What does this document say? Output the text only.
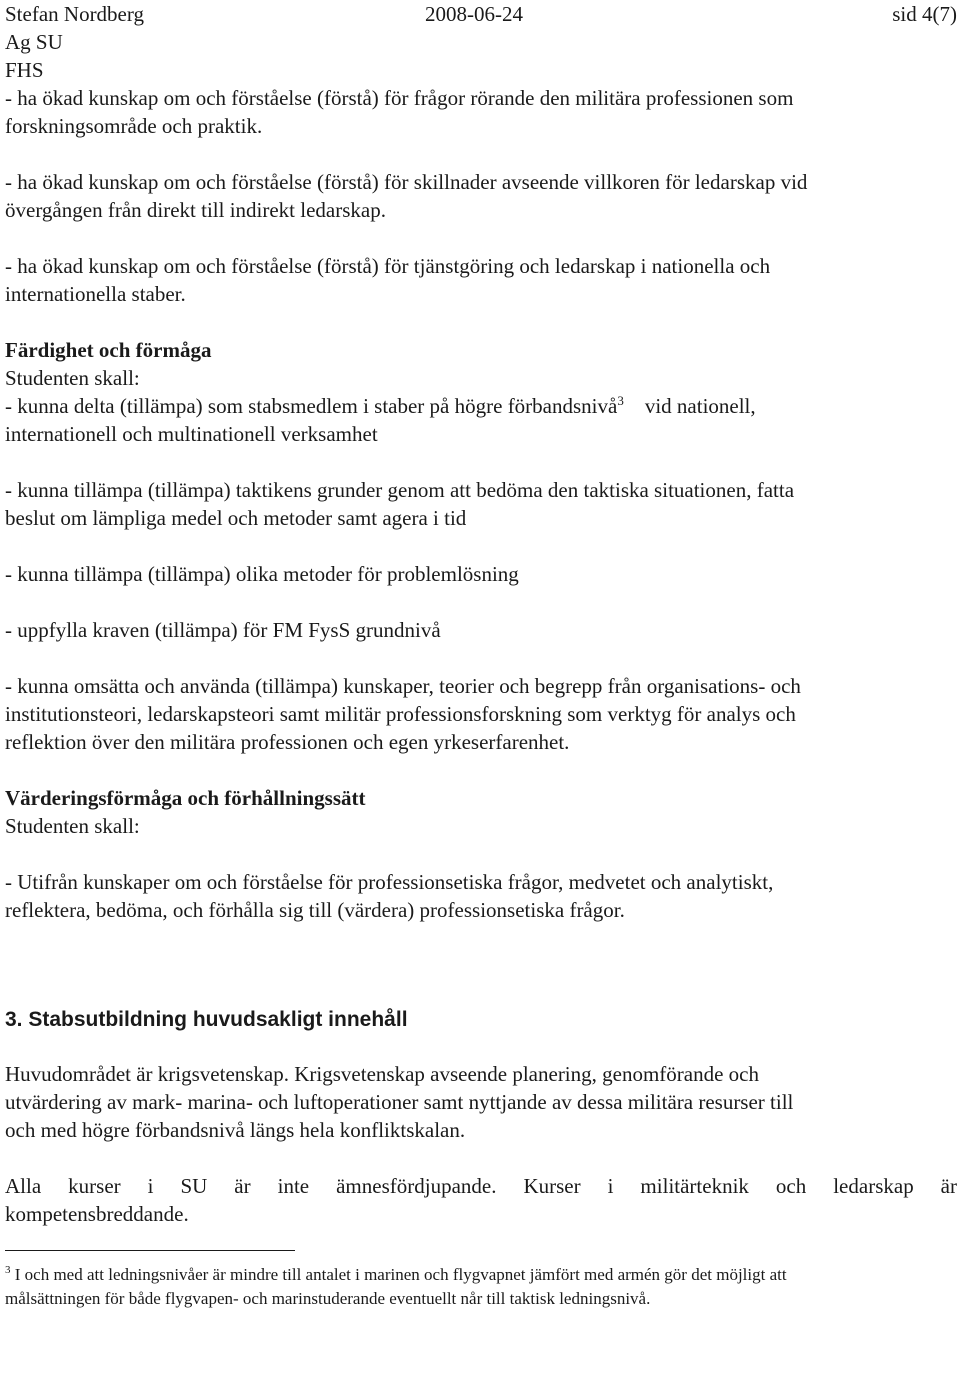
Stefan Nordberg	2008-06-24	sid 4(7)
Ag SU
FHS
- ha ökad kunskap om och förståelse (förstå) för frågor rörande den militära professionen som
forskningsområde och praktik.
- ha ökad kunskap om och förståelse (förstå) för skillnader avseende villkoren för ledarskap vid
övergången från direkt till indirekt ledarskap.
- ha ökad kunskap om och förståelse (förstå) för tjänstgöring och ledarskap i nationella och
internationella staber.
Färdighet och förmåga
Studenten skall:
- kunna delta (tillämpa) som stabsmedlem i staber på högre förbandsnivå$^3$ vid nationell,
internationell och multinationell verksamhet
- kunna tillämpa (tillämpa) taktikens grunder genom att bedöma den taktiska situationen, fatta
beslut om lämpliga medel och metoder samt agera i tid
- kunna tillämpa (tillämpa) olika metoder för problemlösning
- uppfylla kraven (tillämpa) för FM FysS grundnivå
- kunna omsätta och använda (tillämpa) kunskaper, teorier och begrepp från organisations- och
institutionsteori, ledarskapsteori samt militär professionsforskning som verktyg för analys och
reflektion över den militära professionen och egen yrkeserfarenhet.
Värderingsförmåga och förhållningssätt
Studenten skall:
- Utifrån kunskaper om och förståelse för professionsetiska frågor, medvetet och analytiskt,
reflektera, bedöma, och förhålla sig till (värdera) professionsetiska frågor.
3. Stabsutbildning huvudsakligt innehåll
Huvudområdet är krigsvetenskap. Krigsvetenskap avseende planering, genomförande och
utvärdering av mark- marina- och luftoperationer samt nyttjande av dessa militära resurser till
och med högre förbandsnivå längs hela konfliktskalan.
Alla kurser i SU är inte ämnesfördjupande. Kurser i militärteknik och ledarskap är
kompetensbreddande.
$^3$ I och med att ledningsnivåer är mindre till antalet i marinen och flygvapnet jämfört med armén gör det möjligt att
målsättningen för både flygvapen- och marinstuderande eventuellt når till taktisk ledningsnivå.
